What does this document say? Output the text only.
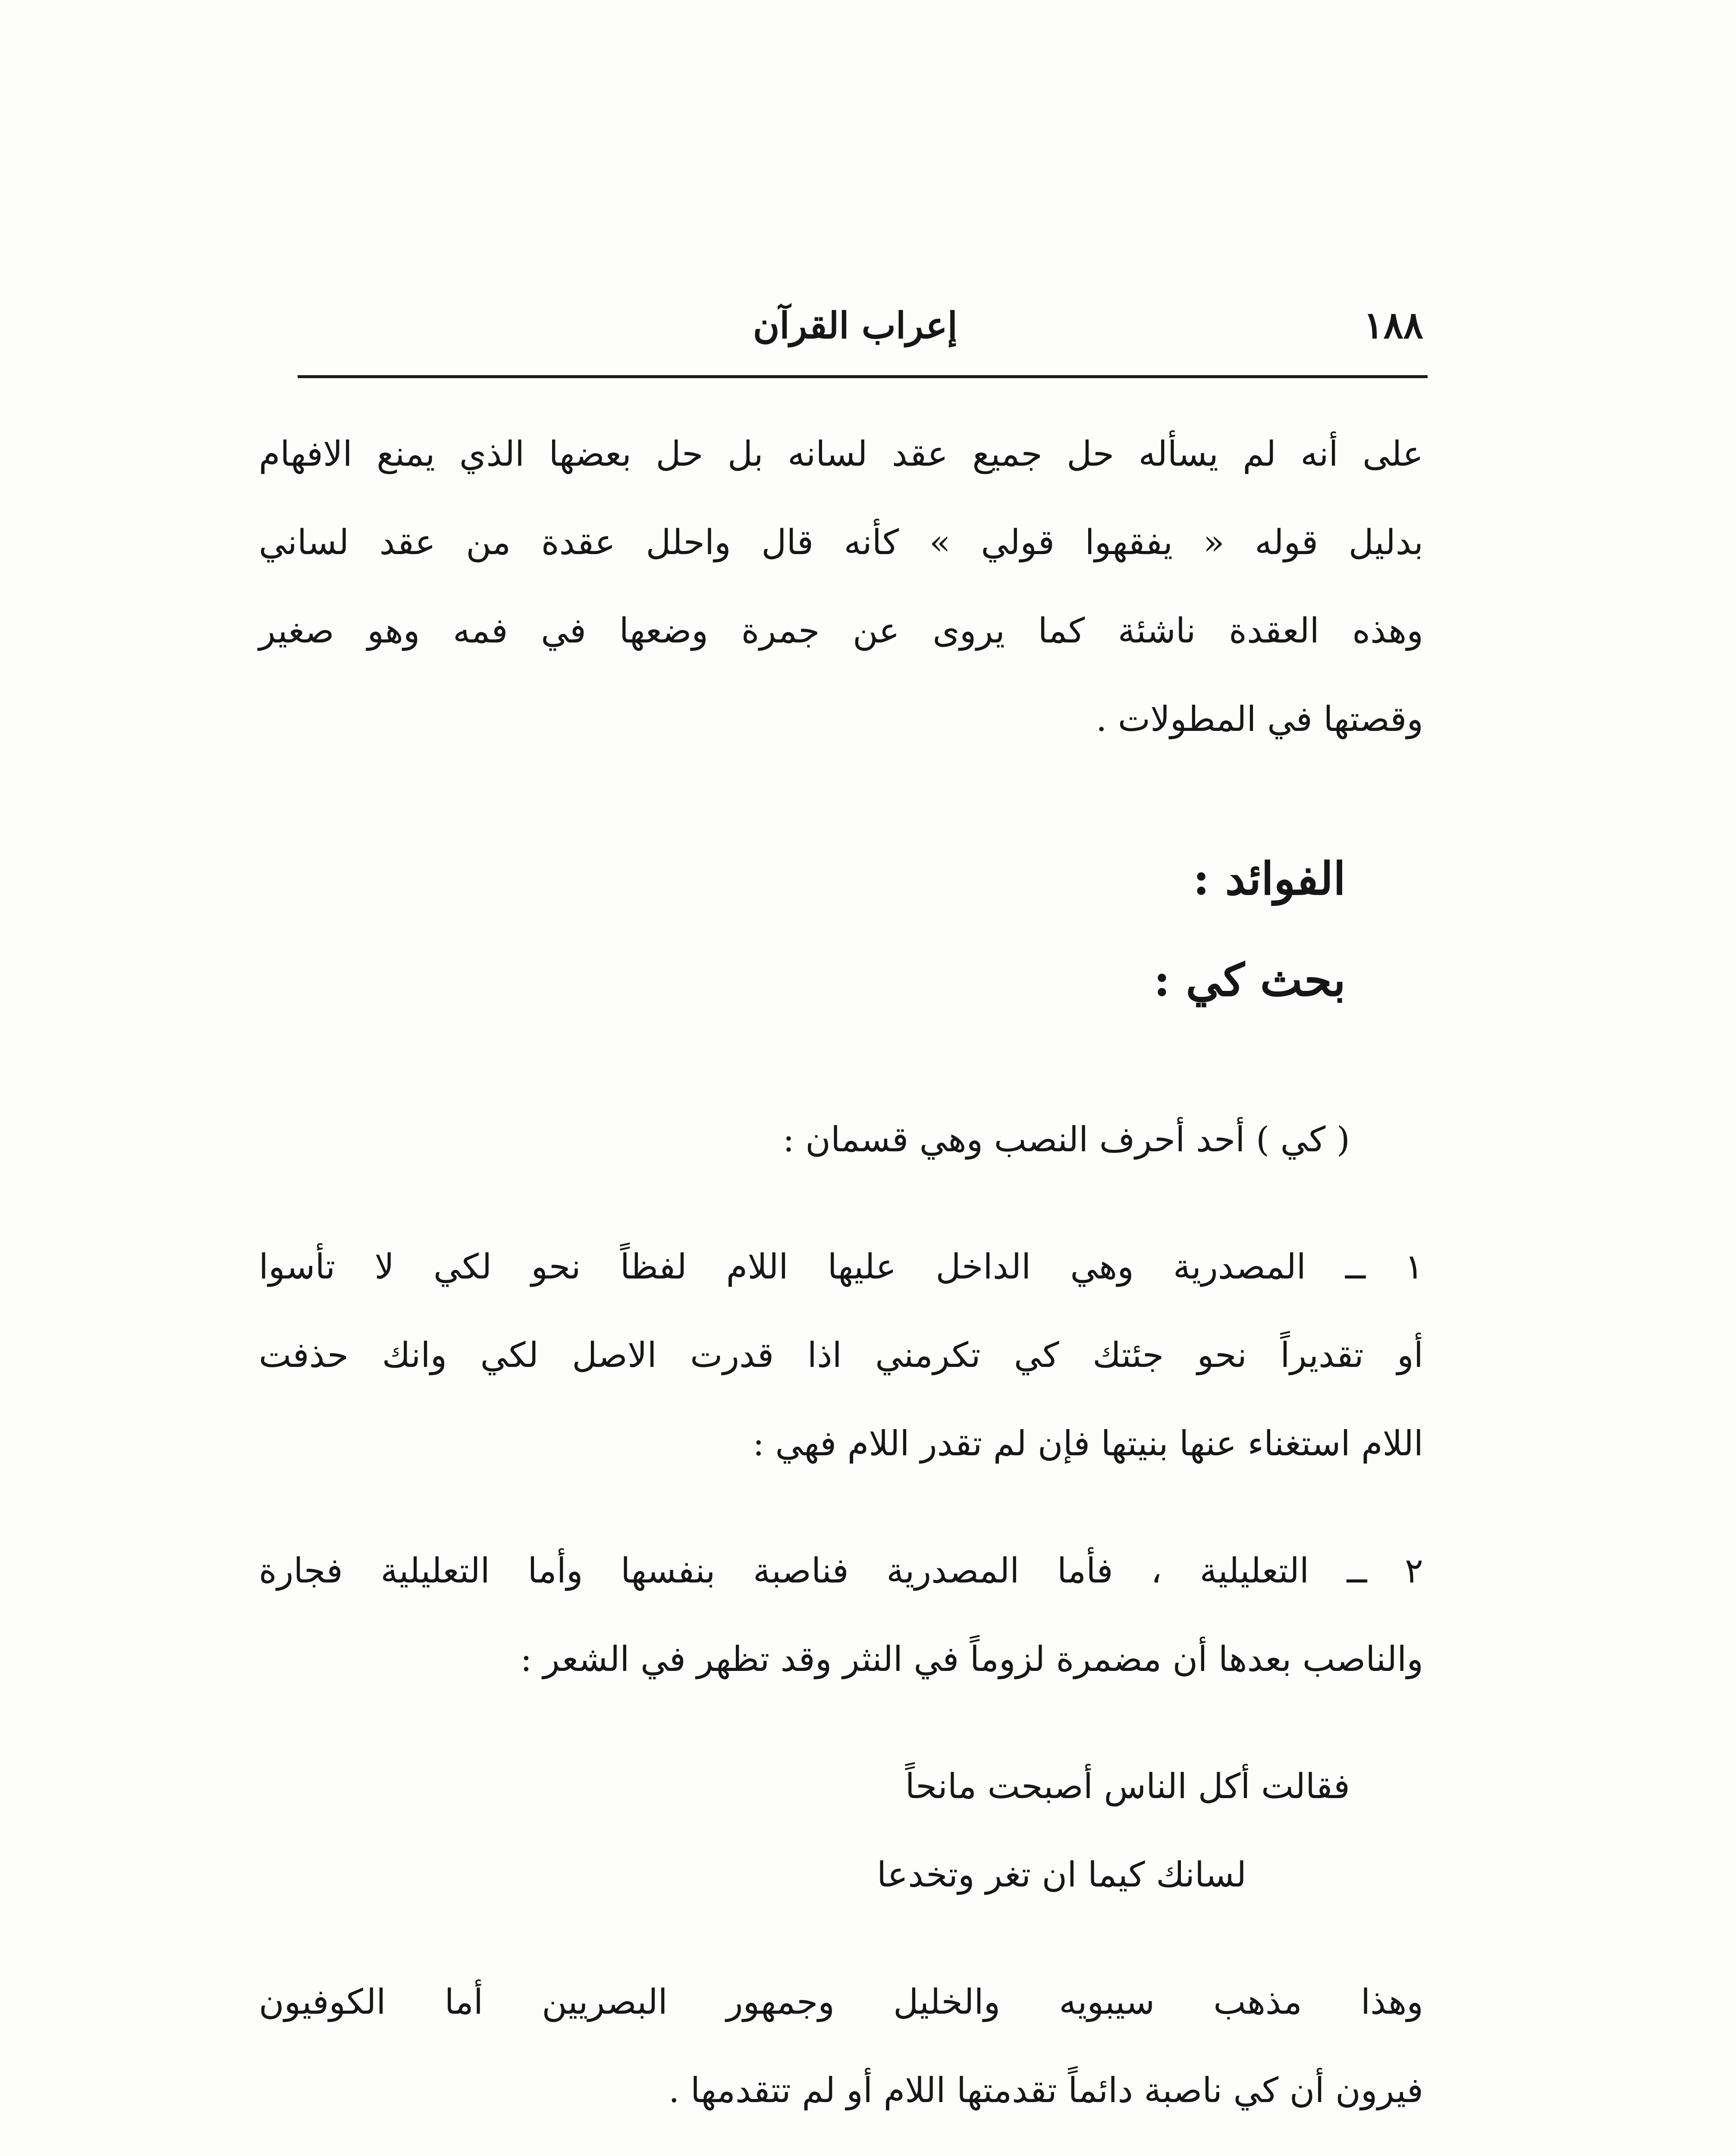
١٨٨
إعراب القرآن
على أنه لم يسأله حل جميع عقد لسانه بل حل بعضها الذي يمنع الافهام
بدليل قوله « يفقهوا قولي » كأنه قال واحلل عقدة من عقد لساني
وهذه العقدة ناشئة كما يروى عن جمرة وضعها في فمه وهو صغير
وقصتها في المطولات .
الفوائد :
بحث كي :
( كي ) أحد أحرف النصب وهي قسمان :
١ ــ المصدرية وهي الداخل عليها اللام لفظاً نحو لكي لا تأسوا
أو تقديراً نحو جئتك كي تكرمني اذا قدرت الاصل لكي وانك حذفت
اللام استغناء عنها بنيتها فإن لم تقدر اللام فهي :
٢ ــ التعليلية ، فأما المصدرية فناصبة بنفسها وأما التعليلية فجارة
والناصب بعدها أن مضمرة لزوماً في النثر وقد تظهر في الشعر :
فقالت أكل الناس أصبحت مانحاً
لسانك كيما ان تغر وتخدعا
وهذا مذهب سيبويه والخليل وجمهور البصريين أما الكوفيون
فيرون أن كي ناصبة دائماً تقدمتها اللام أو لم تتقدمها .
